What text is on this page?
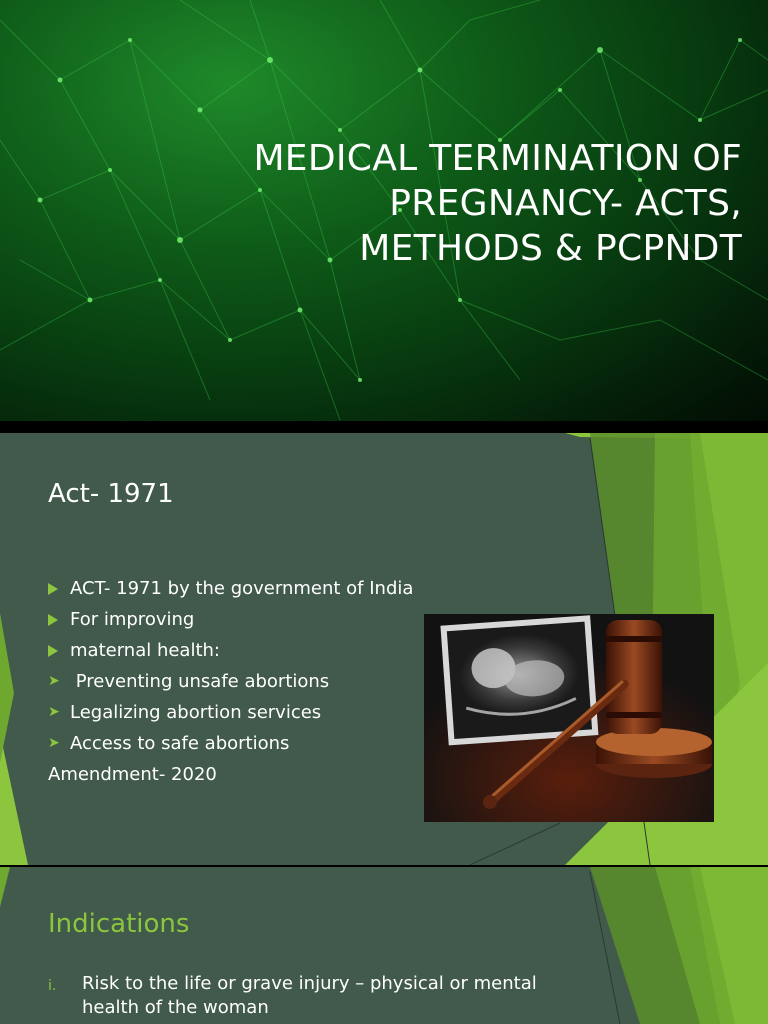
MEDICAL TERMINATION OF
PREGNANCY- ACTS,
METHODS & PCPNDT
Act- 1971
ACT- 1971 by the government of India
For improving
maternal health:
➤ Preventing unsafe abortions
➤ Legalizing abortion services
➤ Access to safe abortions
Amendment- 2020
Indications
i. Risk to the life or grave injury – physical or mental health of the woman
